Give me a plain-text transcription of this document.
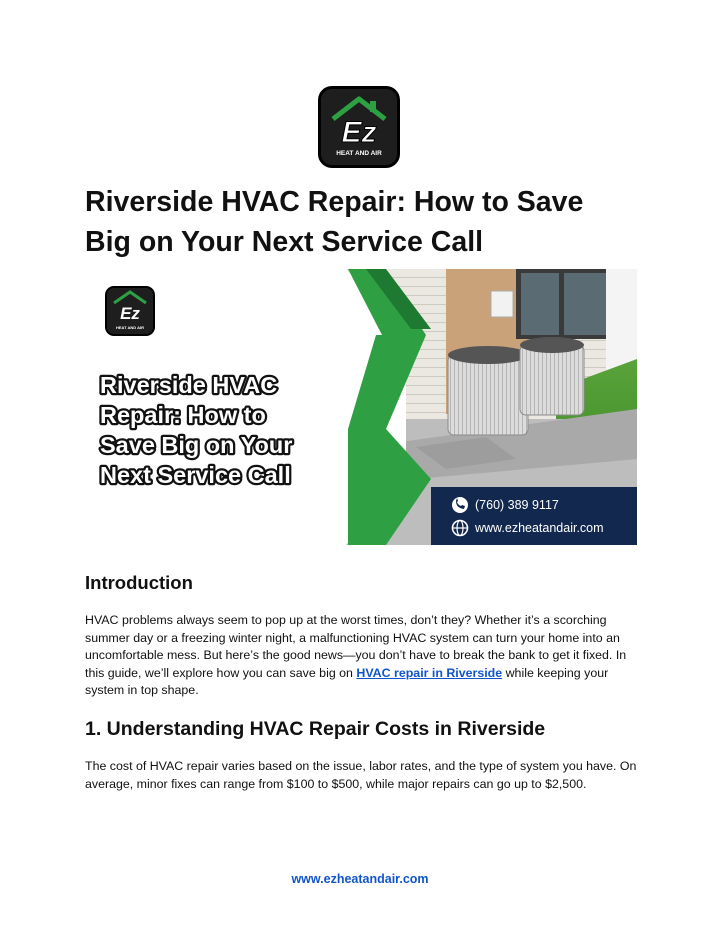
Ez
HEAT AND AIR
Riverside HVAC Repair: How to Save
Big on Your Next Service Call
(760) 389 9117
www.ezheatandair.com
Ez
HEAT AND AIR
Riverside HVAC
Repair: How to
Save Big on Your
Next Service Call
Introduction

HVAC problems always seem to pop up at the worst times, don’t they? Whether it’s a scorching summer day or a freezing winter night, a malfunctioning HVAC system can turn your home into an uncomfortable mess. But here’s the good news—you don’t have to break the bank to get it fixed. In this guide, we’ll explore how you can save big on HVAC repair in Riverside while keeping your system in top shape.

1. Understanding HVAC Repair Costs in Riverside

The cost of HVAC repair varies based on the issue, labor rates, and the type of system you have. On average, minor fixes can range from $100 to $500, while major repairs can go up to $2,500.

www.ezheatandair.com
